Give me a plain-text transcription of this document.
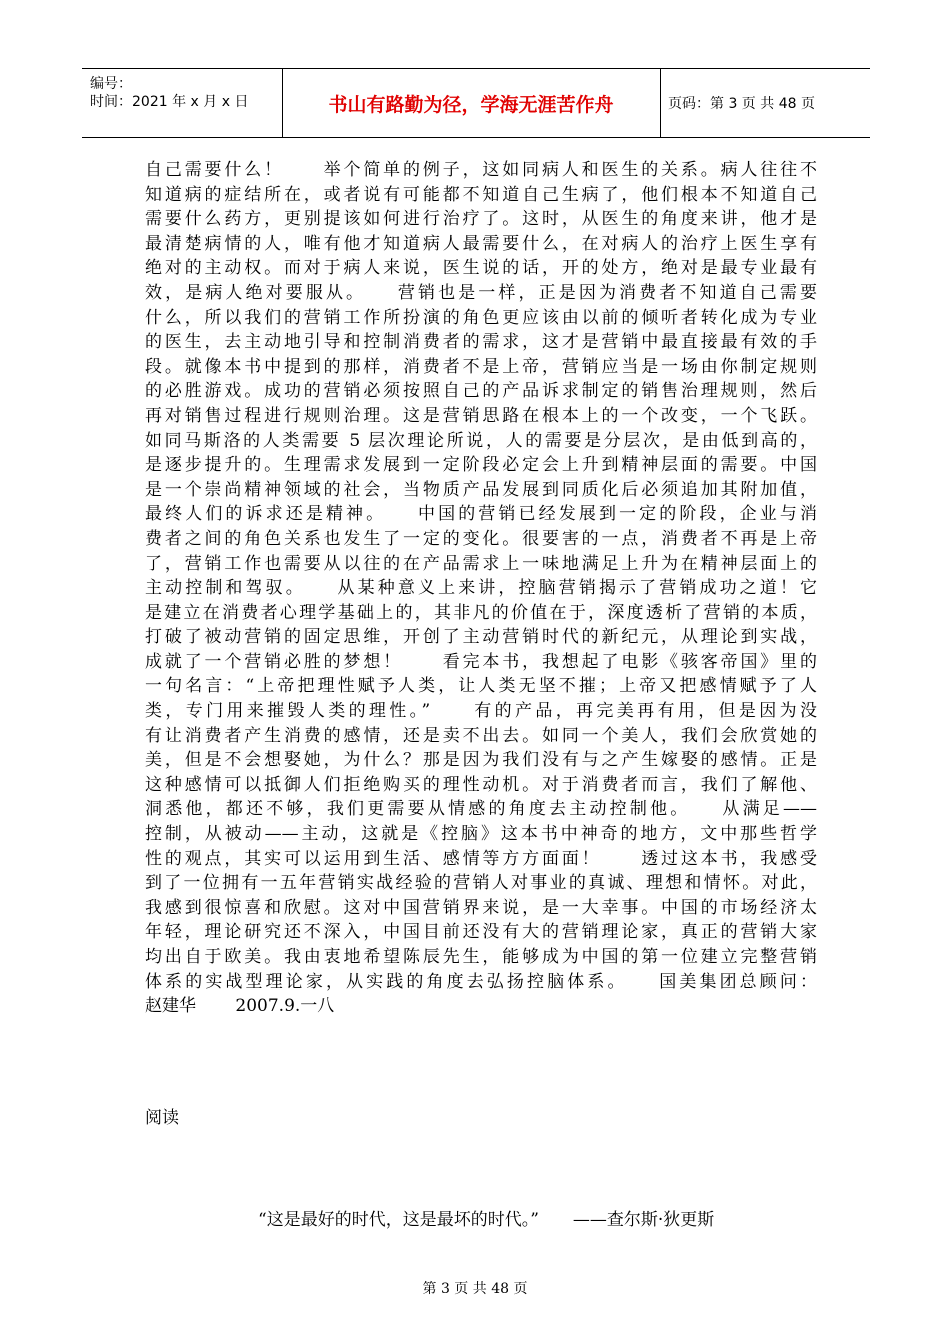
编号：
时间：2021 年 x 月 x 日	书山有路勤为径，学海无涯苦作舟	页码：第 3 页 共 48 页
自己需要什么！　　举个简单的例子，这如同病人和医生的关系。病人往往不
知道病的症结所在，或者说有可能都不知道自己生病了，他们根本不知道自己
需要什么药方，更别提该如何进行治疗了。这时，从医生的角度来讲，他才是
最清楚病情的人，唯有他才知道病人最需要什么，在对病人的治疗上医生享有
绝对的主动权。而对于病人来说，医生说的话，开的处方，绝对是最专业最有
效，是病人绝对要服从。　　营销也是一样，正是因为消费者不知道自己需要
什么，所以我们的营销工作所扮演的角色更应该由以前的倾听者转化成为专业
的医生，去主动地引导和控制消费者的需求，这才是营销中最直接最有效的手
段。就像本书中提到的那样，消费者不是上帝，营销应当是一场由你制定规则
的必胜游戏。成功的营销必须按照自己的产品诉求制定的销售治理规则，然后
再对销售过程进行规则治理。这是营销思路在根本上的一个改变，一个飞跃。
如同马斯洛的人类需要 5 层次理论所说，人的需要是分层次，是由低到高的，
是逐步提升的。生理需求发展到一定阶段必定会上升到精神层面的需要。中国
是一个崇尚精神领域的社会，当物质产品发展到同质化后必须追加其附加值，
最终人们的诉求还是精神。　　中国的营销已经发展到一定的阶段，企业与消
费者之间的角色关系也发生了一定的变化。很要害的一点，消费者不再是上帝
了，营销工作也需要从以往的在产品需求上一味地满足上升为在精神层面上的
主动控制和驾驭。　　从某种意义上来讲，控脑营销揭示了营销成功之道！它
是建立在消费者心理学基础上的，其非凡的价值在于，深度透析了营销的本质，
打破了被动营销的固定思维，开创了主动营销时代的新纪元，从理论到实战，
成就了一个营销必胜的梦想！　　看完本书，我想起了电影《骇客帝国》里的
一句名言：“上帝把理性赋予人类，让人类无坚不摧；上帝又把感情赋予了人
类，专门用来摧毁人类的理性。”　　有的产品，再完美再有用，但是因为没
有让消费者产生消费的感情，还是卖不出去。如同一个美人，我们会欣赏她的
美，但是不会想娶她，为什么？那是因为我们没有与之产生嫁娶的感情。正是
这种感情可以抵御人们拒绝购买的理性动机。对于消费者而言，我们了解他、
洞悉他，都还不够，我们更需要从情感的角度去主动控制他。　　从满足——
控制，从被动——主动，这就是《控脑》这本书中神奇的地方，文中那些哲学
性的观点，其实可以运用到生活、感情等方方面面！　　透过这本书，我感受
到了一位拥有一五年营销实战经验的营销人对事业的真诚、理想和情怀。对此，
我感到很惊喜和欣慰。这对中国营销界来说，是一大幸事。中国的市场经济太
年轻，理论研究还不深入，中国目前还没有大的营销理论家，真正的营销大家
均出自于欧美。我由衷地希望陈辰先生，能够成为中国的第一位建立完整营销
体系的实战型理论家，从实践的角度去弘扬控脑体系。　　国美集团总顾问：
赵建华　　 2007.9.一八
阅读
“这是最好的时代，这是最坏的时代。”　　——查尔斯·狄更斯
第 3 页 共 48 页
